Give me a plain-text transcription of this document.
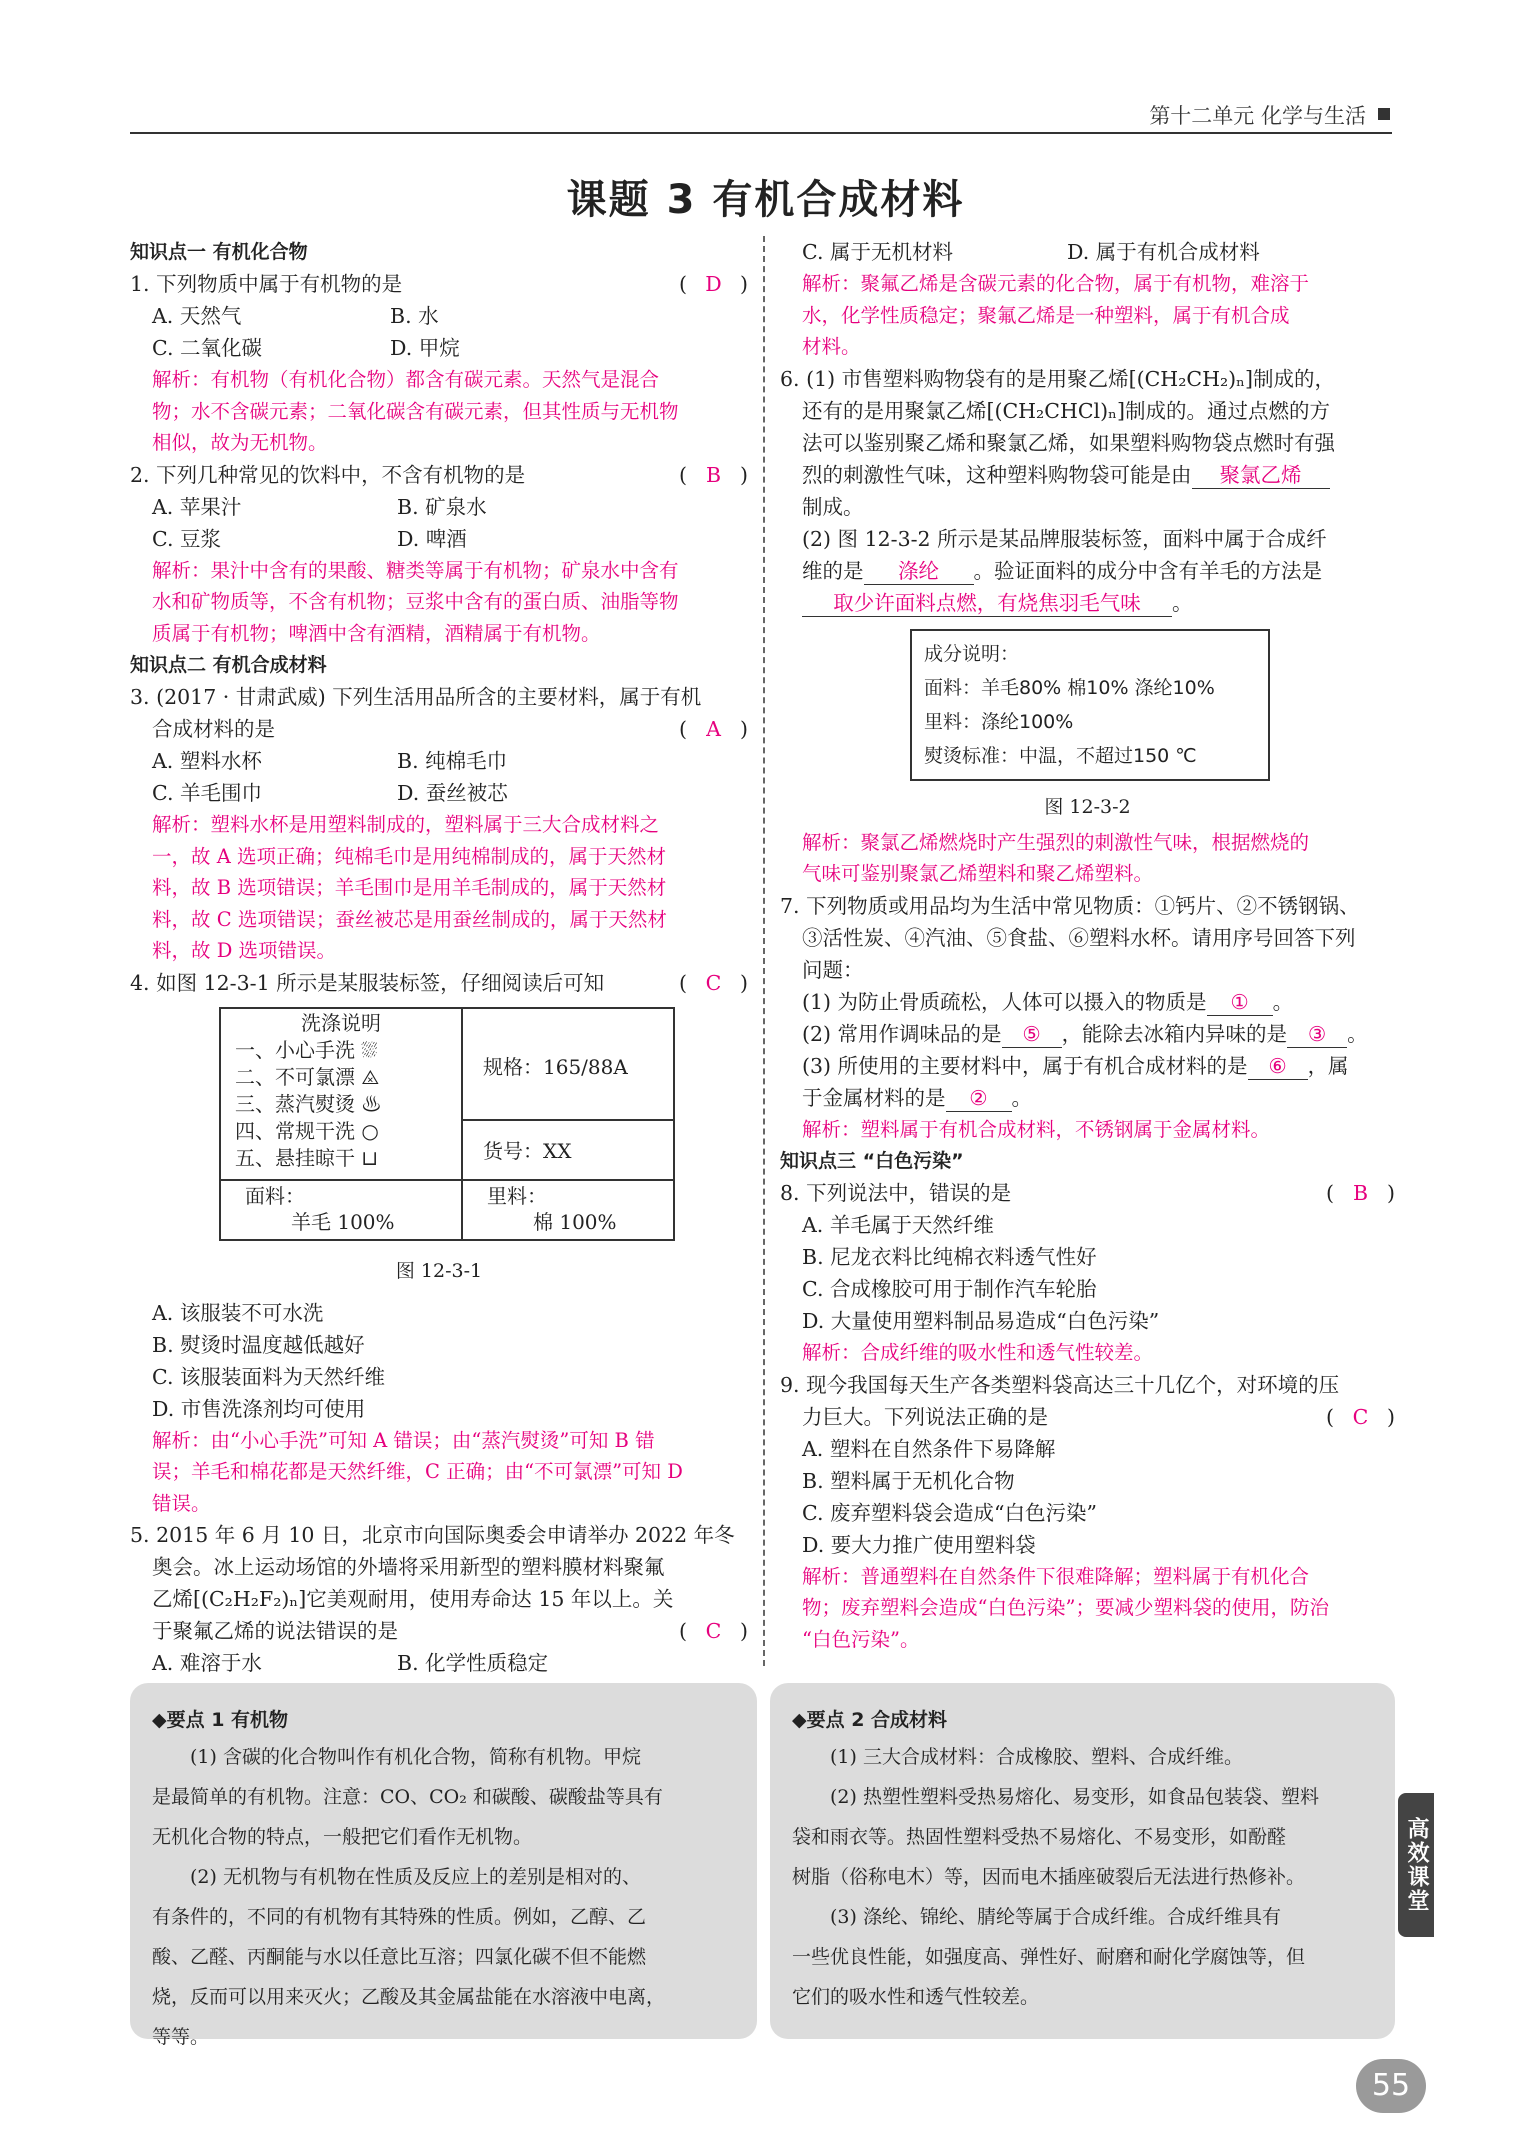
第十二单元 化学与生活
课题 3 有机合成材料
知识点一 有机化合物
1. 下列物质中属于有机物的是	( D )
A. 天然气	B. 水
C. 二氧化碳	D. 甲烷
解析：有机物（有机化合物）都含有碳元素。天然气是混合
物；水不含碳元素；二氧化碳含有碳元素，但其性质与无机物
相似，故为无机物。
2. 下列几种常见的饮料中，不含有机物的是	( B )
A. 苹果汁	B. 矿泉水
C. 豆浆	D. 啤酒
解析：果汁中含有的果酸、糖类等属于有机物；矿泉水中含有
水和矿物质等，不含有机物；豆浆中含有的蛋白质、油脂等物
质属于有机物；啤酒中含有酒精，酒精属于有机物。
知识点二 有机合成材料
3. (2017 · 甘肃武威) 下列生活用品所含的主要材料，属于有机
合成材料的是	( A )
A. 塑料水杯	B. 纯棉毛巾
C. 羊毛围巾	D. 蚕丝被芯
解析：塑料水杯是用塑料制成的，塑料属于三大合成材料之
一，故 A 选项正确；纯棉毛巾是用纯棉制成的，属于天然材
料，故 B 选项错误；羊毛围巾是用羊毛制成的，属于天然材
料，故 C 选项错误；蚕丝被芯是用蚕丝制成的，属于天然材
料，故 D 选项错误。
4. 如图 12-3-1 所示是某服装标签，仔细阅读后可知	( C )
洗涤说明
一、小心手洗 ⛆
二、不可氯漂 ⨻
三、蒸汽熨烫 ♨
四、常规干洗 ○
五、悬挂晾干 ⊔
规格：165/88A
货号：XX
面料：
羊毛 100%
里料：
棉 100%
图 12-3-1
A. 该服装不可水洗
B. 熨烫时温度越低越好
C. 该服装面料为天然纤维
D. 市售洗涤剂均可使用
解析：由“小心手洗”可知 A 错误；由“蒸汽熨烫”可知 B 错
误；羊毛和棉花都是天然纤维，C 正确；由“不可氯漂”可知 D
错误。
5. 2015 年 6 月 10 日，北京市向国际奥委会申请举办 2022 年冬
奥会。冰上运动场馆的外墙将采用新型的塑料膜材料聚氟
乙烯[(C₂H₂F₂)ₙ]它美观耐用，使用寿命达 15 年以上。关
于聚氟乙烯的说法错误的是	( C )
A. 难溶于水	B. 化学性质稳定
C. 属于无机材料	D. 属于有机合成材料
解析：聚氟乙烯是含碳元素的化合物，属于有机物，难溶于
水，化学性质稳定；聚氟乙烯是一种塑料，属于有机合成
材料。
6. (1) 市售塑料购物袋有的是用聚乙烯[(CH₂CH₂)ₙ]制成的，
还有的是用聚氯乙烯[(CH₂CHCl)ₙ]制成的。通过点燃的方
法可以鉴别聚乙烯和聚氯乙烯，如果塑料购物袋点燃时有强
烈的刺激性气味，这种塑料购物袋可能是由 聚氯乙烯
制成。
(2) 图 12-3-2 所示是某品牌服装标签，面料中属于合成纤
维的是 涤纶 。验证面料的成分中含有羊毛的方法是
取少许面料点燃，有烧焦羽毛气味 。
成分说明：
面料：羊毛80% 棉10% 涤纶10%
里料：涤纶100%
熨烫标准：中温，不超过150 ℃
图 12-3-2
解析：聚氯乙烯燃烧时产生强烈的刺激性气味，根据燃烧的
气味可鉴别聚氯乙烯塑料和聚乙烯塑料。
7. 下列物质或用品均为生活中常见物质：①钙片、②不锈钢锅、
③活性炭、④汽油、⑤食盐、⑥塑料水杯。请用序号回答下列
问题：
(1) 为防止骨质疏松，人体可以摄入的物质是 ① 。
(2) 常用作调味品的是 ⑤ ，能除去冰箱内异味的是 ③ 。
(3) 所使用的主要材料中，属于有机合成材料的是 ⑥ ，属
于金属材料的是 ② 。
解析：塑料属于有机合成材料，不锈钢属于金属材料。
知识点三 “白色污染”
8. 下列说法中，错误的是	( B )
A. 羊毛属于天然纤维
B. 尼龙衣料比纯棉衣料透气性好
C. 合成橡胶可用于制作汽车轮胎
D. 大量使用塑料制品易造成“白色污染”
解析：合成纤维的吸水性和透气性较差。
9. 现今我国每天生产各类塑料袋高达三十几亿个，对环境的压
力巨大。下列说法正确的是	( C )
A. 塑料在自然条件下易降解
B. 塑料属于无机化合物
C. 废弃塑料袋会造成“白色污染”
D. 要大力推广使用塑料袋
解析：普通塑料在自然条件下很难降解；塑料属于有机化合
物；废弃塑料会造成“白色污染”；要减少塑料袋的使用，防治
“白色污染”。
◆要点 1 有机物

(1) 含碳的化合物叫作有机化合物，简称有机物。甲烷
是最简单的有机物。注意：CO、CO₂ 和碳酸、碳酸盐等具有
无机化合物的特点，一般把它们看作无机物。

(2) 无机物与有机物在性质及反应上的差别是相对的、
有条件的，不同的有机物有其特殊的性质。例如，乙醇、乙
酸、乙醛、丙酮能与水以任意比互溶；四氯化碳不但不能燃
烧，反而可以用来灭火；乙酸及其金属盐能在水溶液中电离，
等等。

◆要点 2 合成材料

(1) 三大合成材料：合成橡胶、塑料、合成纤维。

(2) 热塑性塑料受热易熔化、易变形，如食品包装袋、塑料
袋和雨衣等。热固性塑料受热不易熔化、不易变形，如酚醛
树脂（俗称电木）等，因而电木插座破裂后无法进行热修补。

(3) 涤纶、锦纶、腈纶等属于合成纤维。合成纤维具有
一些优良性能，如强度高、弹性好、耐磨和耐化学腐蚀等，但
它们的吸水性和透气性较差。

高效课堂
55
